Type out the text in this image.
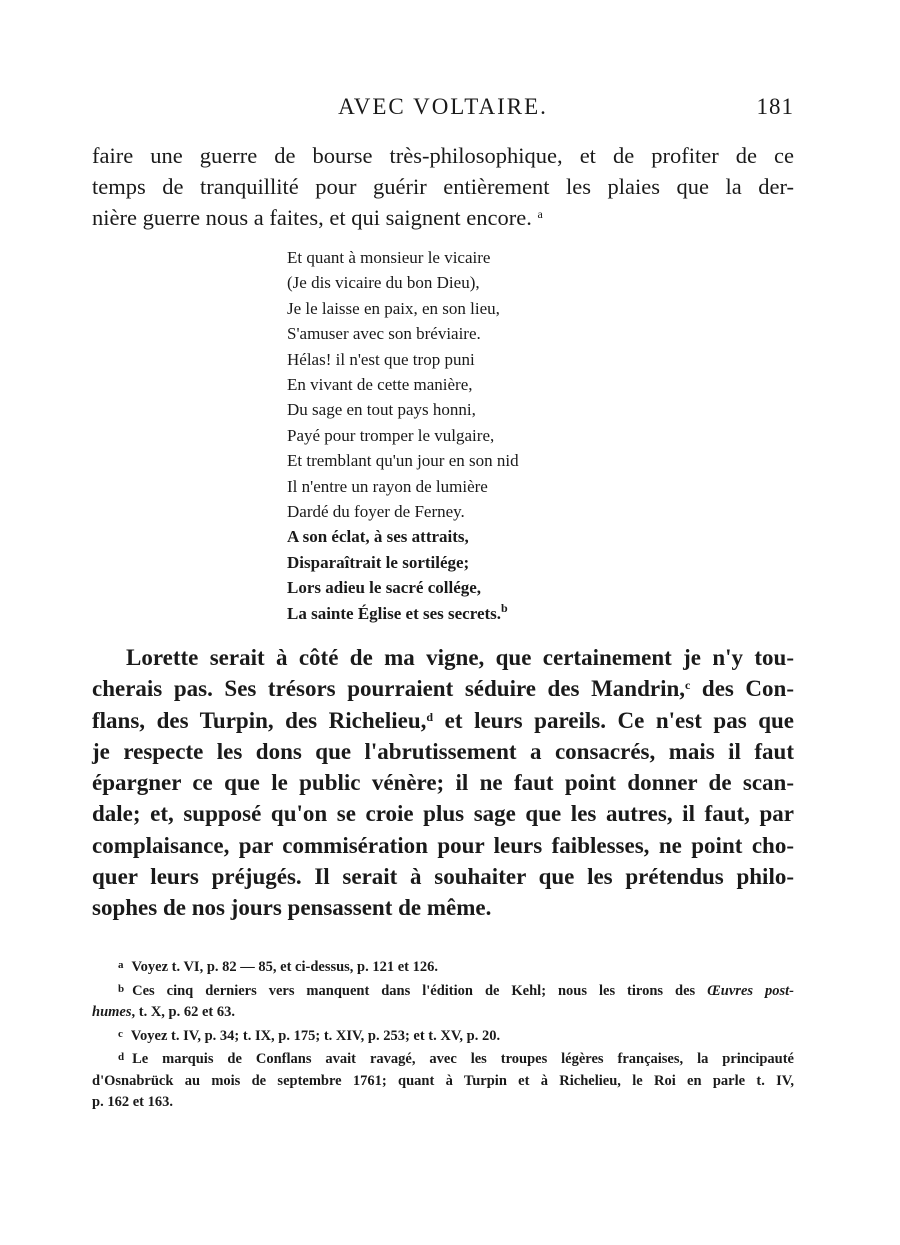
AVEC VOLTAIRE.	181
faire une guerre de bourse très-philosophique, et de profiter de ce
temps de tranquillité pour guérir entièrement les plaies que la der-
nière guerre nous a faites, et qui saignent encore. $^a$
Et quant à monsieur le vicaire
(Je dis vicaire du bon Dieu),
Je le laisse en paix, en son lieu,
S'amuser avec son bréviaire.
Hélas! il n'est que trop puni
En vivant de cette manière,
Du sage en tout pays honni,
Payé pour tromper le vulgaire,
Et tremblant qu'un jour en son nid
Il n'entre un rayon de lumière
Dardé du foyer de Ferney.
A son éclat, à ses attraits,
Disparaîtrait le sortilége;
Lors adieu le sacré collége,
La sainte Église et ses secrets.$^b$
Lorette serait à côté de ma vigne, que certainement je n'y tou-
cherais pas. Ses trésors pourraient séduire des Mandrin,$^c$ des Con-
flans, des Turpin, des Richelieu,$^d$ et leurs pareils. Ce n'est pas que
je respecte les dons que l'abrutissement a consacrés, mais il faut
épargner ce que le public vénère; il ne faut point donner de scan-
dale; et, supposé qu'on se croie plus sage que les autres, il faut, par
complaisance, par commisération pour leurs faiblesses, ne point cho-
quer leurs préjugés. Il serait à souhaiter que les prétendus philo-
sophes de nos jours pensassent de même.
$^a$ Voyez t. VI, p. 82 — 85, et ci-dessus, p. 121 et 126.
$^b$ Ces cinq derniers vers manquent dans l'édition de Kehl; nous les tirons des Œuvres post-
humes, t. X, p. 62 et 63.
$^c$ Voyez t. IV, p. 34; t. IX, p. 175; t. XIV, p. 253; et t. XV, p. 20.
$^d$ Le marquis de Conflans avait ravagé, avec les troupes légères françaises, la principauté
d'Osnabrück au mois de septembre 1761; quant à Turpin et à Richelieu, le Roi en parle t. IV,
p. 162 et 163.
